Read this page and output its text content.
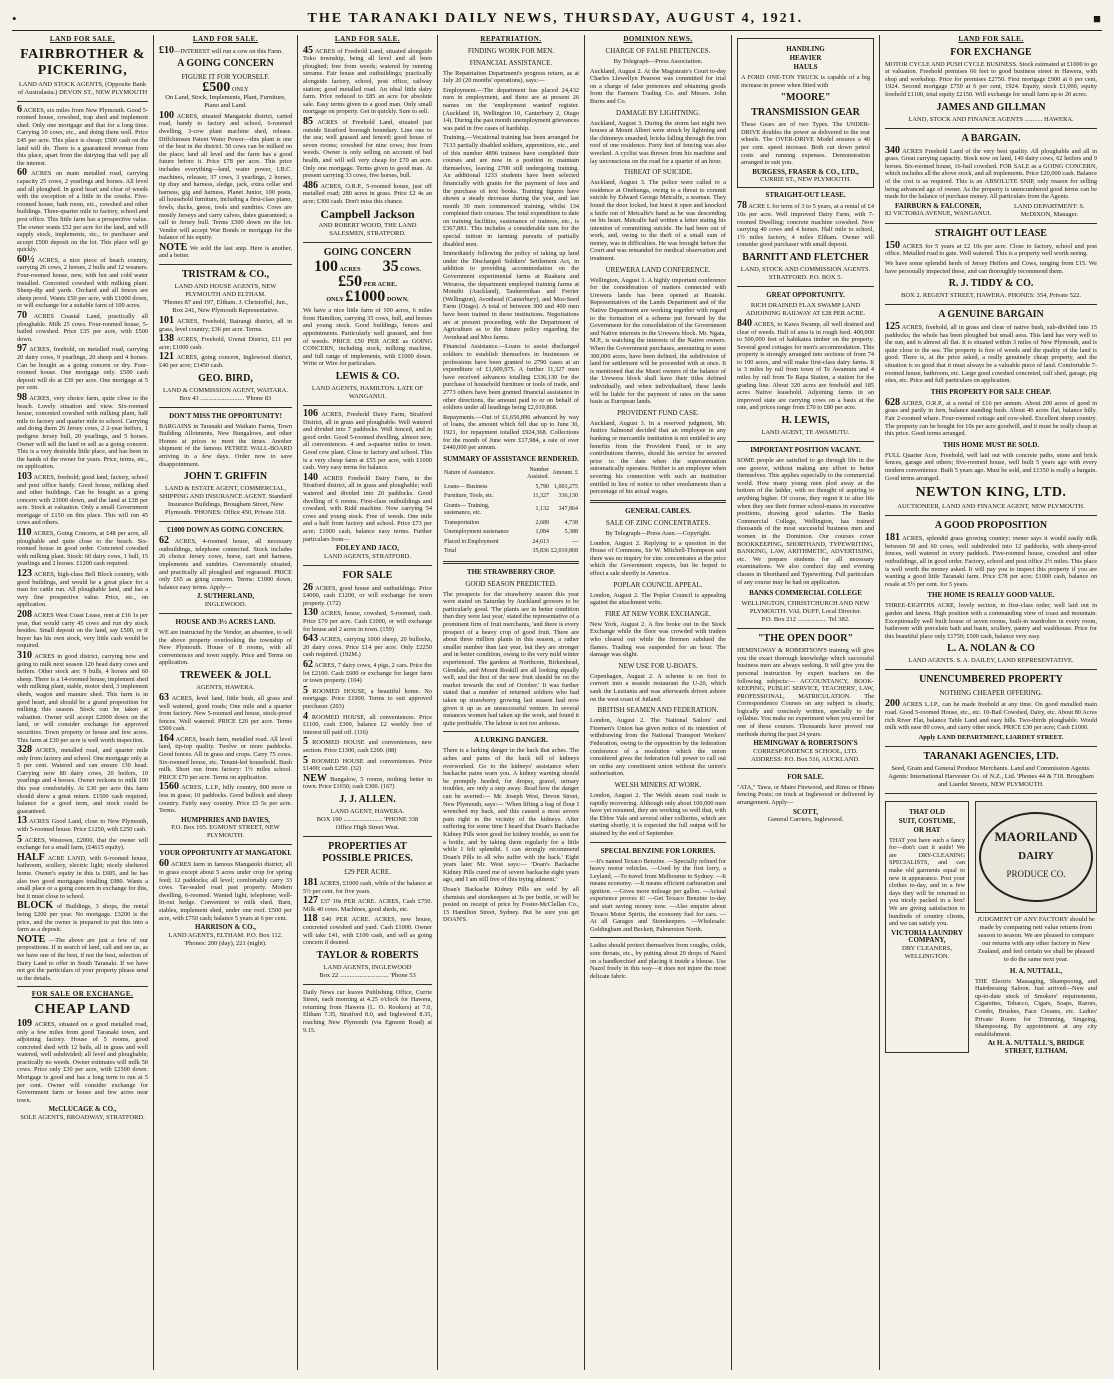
•	THE TARANAKI DAILY NEWS, THURSDAY, AUGUST 4, 1921.	■
LAND FOR SALE.
FAIRBROTHER & PICKERING,
LAND AND STOCK AGENTS, (Opposite Bank of Australasia.) DEVON ST., NEW PLYMOUTH
6 ACRES, six miles from New Plymouth. Good 5-roomed house, cowshed, trap shed and implement shed. Only one mortgage and that for a long time. Carrying 10 cows, etc., and doing them well. Price £45 per acre. This place is cheap; £500 cash on the land will do. There is a guaranteed revenue from this place, apart from the dairying that will pay all the interest.
60 ACRES on main metalled road, carrying capacity 25 cows, 2 yearlings and horses. All level and all ploughed. In good heart and clear of weeds with the exception of a little in the creeks. Five-roomed house, bath room, etc., cowshed and other buildings. Three-quarter mile to factory, school and post office. This little farm has a prospective value. The owner wants £52 per acre for the land, and will supply stock, implements, etc., to purchaser and accept £500 deposit on the lot. This place will go quickly.
60½ ACRES, a nice piece of beach country, carrying 26 cows, 2 horses, 2 bulls and 12 weaners. Four-roomed house, new, with hot and cold water installed. Concreted cowshed with milking plant. Sheep-dip and yards. Orchard and all fences are sheep proof. Wants £50 per acre, with £1000 down, or will exchange for a suitable farm of 100 acres.
70 ACRES Coastal Land, practically all ploughable. Milk 25 cows. Four-roomed house, 5-bailed cowshed. Price £35 per acre, with £500 down.
97 ACRES, freehold, on metalled road, carrying 20 dairy cows, 9 yearlings, 20 sheep and 4 horses. Can be bought as a going concern or dry. Four-roomed house. One mortgage only. £500 cash deposit will do at £30 per acre. One mortgage at 5 per cent.
98 ACRES, very choice farm, quite close to the beach. Lovely situation and view. Six-roomed house, concreted cowshed with milking plant, half mile to factory and quarter mile to school. Carrying and doing them 26 Jersey cows, 2 2-year heifers, 1 pedigree Jersey bull, 20 yearlings, and 5 horses. Owner will sell the land or sell as a going concern. This is a very desirable little place, and has been in the hands of the owner for years. Price, terms, etc., on application.
103 ACRES, freehold; good land, factory, school and post office handy. Good house, milking shed and other buildings. Can be bought as a going concern with 21000 down, and the land at £38 per acre. Stock at valuation. Only a small Government mortgage of £150 on this place. This will run 45 cows and others.
110 ACRES, Going Concern, at £48 per acre, all ploughable and quite close to the beach. Six-roomed house in good order. Concreted cowshed with milking plant. Stock: 60 dairy cows, 1 bull, 15 yearlings and 2 horses. £1200 cash required.
123 ACRES, high-class Bell Block country, with good buildings, and would be a great place for a man for cattle run. All ploughable land, and has a very fine prospective value. Price, etc., on application.
208 ACRES West Coast Lease, rent at £16 1s per year, that would carry 45 cows and run dry stock besides. Small deposit on the land, say £500, or if buyer has his own stock, very little cash would be required.
310 ACRES in good district, carrying now and going to milk next season 120 head dairy cows and heifers. Other stock are: 9 bulls, 4 horses and 60 sheep. There is a 14-roomed house, implement shed with milking plant, stable, motor shed, 3 implement sheds, wagon and manure shed. This farm is in good heart, and should be a grand proposition for milking this season. Stock can be taken at valuation. Owner will accept £2000 down on the land, or will consider exchange for approved securities. Town property or house and few acres. This farm at £30 per acre is well worth inspection.
328 ACRES, metalled road, and quarter mile only from factory and school. One mortgage only at 5 per cent. Watered and can ensure 130 head. Carrying now 80 dairy cows, 20 heifers, 10 yearlings and 4 horses. Owner reckons to milk 100 this year comfortably. At £30 per acre this farm should show a great return. £1500 cash required, balance for a good term, and stock could be guaranteed.
13 ACRES Good Land, close to New Plymouth, with 5-roomed house. Price £1250, with £250 cash.
5 ACRES, Westown, £2000, that the owner will exchange for a small farm, (£4615 equity).
HALF ACRE LAND, with 6-roomed house, bathroom, scullery, electric light; nicely sheltered home. Owner's equity in this is £685, and he has also two good mortgages totalling £980. Wants a small place or a going concern in exchange for this, but it must close to school.
BLOCK of Buildings, 3 shops, the rental being £200 per year. No mortgage. £3200 is the price, and the owner is prepared to put this into a farm as a deposit.
NOTE —The above are just a few of our propositions. If in search of land, call and see us, as we have one of the best, if not the best, selection of Dairy Land to offer in South Taranaki. If we have not got the particulars of your property please send us the details.
FOR SALE OR EXCHANGE.
CHEAP LAND
109 ACRES, situated on a good metalled road, only a few miles from good Taranaki town, and adjoining factory. House of 5 rooms, good concreted shed with 12 bails, all in grass and well watered, well subdivided; all level and ploughable; practically no weeds. Owner estimates will milk 50 cows. Price only £30 per acre, with £2500 down. Mortgage is good and has a long term to run at 5 per cent. Owner will consider exchange for Government farm or house and few acres near town.
McCLUCAGE & CO.,
SOLE AGENTS, BROADWAY, STRATFORD.
LAND FOR SALE.
£10—INTEREST will run a cow on this Farm.
A GOING CONCERN
FIGURE IT FOR YOURSELF.
£500 ONLY
On Land, Stock, Implements, Plant, Furniture, Piano and Land.
100 ACRES, situated Mangatoki district, carted road, handy to factory and school, 6-roomed dwelling, 3-cow plant machine shed, release. Diffchimsen Patent Water Power—this plant is one of the best in the district. 50 cows can be milked on the place; land all level and the farm has a good future before it. Price £78 per acre. This price includes everything—land, water power, I.B.C. machines, releaser, 37 cows, 3 yearlings, 2 horses, tip dray and harness, sledge, jack, extra cellar and harness, gig and harness, Planet Junior, 100 posts, all household furniture, including a first-class piano, fowls, ducks, geese, tools and sundries. Cows are mostly Jerseys and carry calves, dates guaranteed; a calf to Jersey bull. Terms £500 down on the lot. Vendor will accept War Bonds or mortgage for the balance of his equity.
NOTE We sold the last snip. Here is another, and a better.
TRISTRAM & CO.,
LAND AND HOUSE AGENTS, NEW PLYMOUTH AND ELTHAM.
'Phones 87 and 197, Eltham. J. Christoffel, Jun., Box 241, New Plymouth Representative.
101 ACRES, Freehold, Bairangi district, all in grass, level country; £36 per acre. Terms.
138 ACRES, Freehold, Urenui District, £11 per acre; £1000 cash.
121 ACRES, going concern, Inglewood district, £40 per acre; £1450 cash.
GEO. BIRD,
LAND & COMMISSION AGENT, WAITARA.
Box 43 ........................... 'Phone 83
DON'T MISS THE OPPORTUNITY!
BARGAINS in Taranaki and Waikato Farms, Town Building Allotments, New Bungalows, and other Homes at prices to meet the times. Another shipment of the famous PETREE WALL-BOARD arriving in a few days. Order now to save disappointment.
JOHN T. GRIFFIN
LAND & ESTATE AGENT, COMMERCIAL, SHIPPING AND INSURANCE AGENT. Standard Insurance Buildings, Brougham Street, New Plymouth. 'PHONES: Office 450, Private 318.
£1000 DOWN AS GOING CONCERN.
62 ACRES, 4-roomed house, all necessary outbuildings, telephone connected. Stock includes 26 choice Jersey cows, horse, cart and harness, implements and sundries. Conveniently situated, and practically all ploughed and regrassed. PRICE only £65 as going concern. Terms: £1000 down, balance easy terms. Apply—
J. SUTHERLAND,
INGLEWOOD.
HOUSE AND 3½ ACRES LAND.
WE are instructed by the Vendor, an absentee, to sell the above property overlooking the township of New Plymouth. House of 8 rooms, with all conveniences and town supply. Price and Terms on application.
TREWEEK & JOLL
AGENTS, HAWERA.
63 ACRES, level land, little bush, all grass and well watered, good roads; One mile and a quarter from factory. New 5-roomed and house, stock-proof fences. Well watered. PRICE £20 per acre. Terms £500 cash.
164 ACRES, beach farm, metalled road. All level land, tip-top quality. Twelve or more paddocks. Good fences. All in grass and crops. Carry 75 cows. Six-roomed house, etc. Tenant-led household. Bush milk. Short run from factory: 1½ miles school. PRICE £70 per acre. Terms on application.
1560 ACRES, L.I.P., hilly country, 900 more or less in grass; 10 paddocks. Good bullock and sheep country. Fairly easy country. Price £5 5s per acre. Terms.
HUMPHRIES AND DAVIES,
P.O. Box 105. EGMONT STREET, NEW PLYMOUTH.
YOUR OPPORTUNITY AT MANGATOKI.
60 ACRES farm in famous Mangatoki district; all in grass except about 5 acres under crop for spring feed; 12 paddocks; all level; comfortably carry 33 cows. Tar-sealed road past property. Modern dwelling, 6-roomed. Wanted light, telephone; well-lit-out hedge. Convenient to milk shed. Barn, stables, implement shed, under one roof. £500 per acre, with £750 cash; balance 5 years at 6 per cent.
HARRISON & CO.,
LAND AGENTS, ELTHAM. P.O. Box 112. 'Phones: 200 (day), 221 (night).
LAND FOR SALE.
45 ACRES of Freehold Land, situated alongside Toko township, being all level and all been ploughed; free from weeds; watered by running streams. Fair house and outbuildings; practically alongside factory, school, post office, railway station; good metalled road. An ideal little dairy farm. Price reduced to £85 an acre for absolute sale. Easy terms given to a good man. Only small mortgage on property. Get in quickly. Sure to sell.
85 ACRES of Freehold Land, situated just outside Stratford borough boundary. Line one to the sea; well grassed and fenced; good house of seven rooms; cowshed for nine cows; free from weeds. Owner is only selling on account of bad health, and will sell very cheap for £70 an acre. Only one mortgage. Terms given to good man. At present carrying 33 cows, five horses, bull.
486 ACRES, O.R.P., 5-roomed house, just off metalled road; 280 acres in grass. Price £2 4s an acre; £300 cash. Don't miss this chance.
Campbell Jackson
AND ROBERT WOOD, THE LAND SALESMEN, STRATFORD.
GOING CONCERN
100 ACRES 35 COWS.
£50 PER ACRE.
ONLY £1000 DOWN.
We have a nice little farm of 100 acres, 6 miles from Hamilton, carrying 35 cows, bull, and horses and young stock. Good buildings, fences and appointments. Particularly well grassed, and free of weeds. PRICE £50 PER ACRE as GOING CONCERN, including stock, milking machine, and full range of implements, with £1000 down. Write or Wire for particulars.
LEWIS & CO.
LAND AGENTS, HAMILTON. LATE OF WANGANUI.
106 ACRES, Freehold Dairy Farm, Stratford District, all in grass and ploughable. Well watered and divided into 7 paddocks. Well fenced, and in good order. Good 5-roomed dwelling, almost new, all conveniences. 4 and a-quarter miles to town. Good cow plant. Close to factory and school. This is a very cheap farm at £55 per acre, with £1000 cash. Very easy terms for balance.
140 ACRES Freehold Dairy Farm, in the Stratford district, all in grass and ploughable; well watered and divided into 20 paddocks. Good dwelling of 6 rooms. First-class outbuildings and cowshed, with Ridd machine. Now carrying 54 cows and young stock. Free of weeds. One mile and a half from factory and school. Price £73 per acre; £1000 cash, balance easy terms. Further particulars from—
FOLEY AND JACO,
LAND AGENTS, STRATFORD.
FOR SALE
26 ACRES, good house and outbuildings. Price £4000, cash £1200, or will exchange for town property. (172)
130 ACRES, house, cowshed, 5-roomed, cash. Price £70 per acre. Cash £1000, or will exchange for house and 2 acres in town. (159)
643 ACRES, carrying 1000 sheep, 20 bullocks, 20 dairy cows. Price £14 per acre. Only £2250 cash required. (192M.)
62 ACRES, 7 dairy cows, 4 pigs, 2 cars. Price the lot £2100. Cash £600 or exchange for larger farm or town property. (104)
5 ROOMED HOUSE, a beautiful home. No mortgage. Price £1900. Terms to suit approved purchaser. (203)
4 ROOMED HOUSE, all conveniences. Price £1100, cash £300, balance £2 weekly free of interest till paid off. (116)
5 ROOMED HOUSE and conveniences, new section. Price £1300, cash £200. (88)
5 ROOMED HOUSE and conveniences. Price £1400; cash £250. (32)
NEW Bungalow, 5 rooms, nothing better in town. Price £1650; cash £300. (167)
J. J. ALLEN.
LAND AGENT, HAWERA.
BOX 190 ........................ 'PHONE 338
Office High Street West.
PROPERTIES AT POSSIBLE PRICES.
£29 PER ACRE.
181 ACRES, £1000 cash, while of the balance at 5½ per cent. for five years.
127 £37 10s PER ACRE. ACRES, Cash £750. Milk 40 cows. Machines, good sheds, etc.
118 £40 PER ACRE. ACRES, new house, concreted cowshed and yard. Cash £1000. Owner will take £41, with £100 cash, and sell as going concern if desired.
TAYLOR & ROBERTS
LAND AGENTS, INGLEWOOD
Box 22 .............................. 'Phone 53
Daily News car leaves Publishing Office, Currie Street, each morning at 4.25 o'clock for Hawera, returning from Hawera (L. O. Rookers) at 7.0, Eltham 7.35, Stratford 8.0, and Inglewood 8.35, reaching New Plymouth (via Egmont Road) at 9.15.
REPATRIATION.
FINDING WORK FOR MEN.
FINANCIAL ASSISTANCE.

The Repatriation Department's progress return, as at July 20 (20 months' operations), says:—

Employment.—The department has placed 24,432 men in employment, and there are at present 26 names on the 'employment wanted' register. (Auckland 16, Wellington 10, Canterbury 2, Otago 14). During the past month unemployment grievances was paid in five cases of hardship.

Training.—Vocational training has been arranged for 7133 partially disabled soldiers, apprentices, etc., and of this number 4896 trainees have completed their courses and are now in a position to maintain themselves, leaving 2700 still undergoing training. An additional 1233 students have been selected financially with grants for the payment of fees and the purchase of text books. Training figures have shown a steady decrease during the year, and last month 30 men commenced training, whilst 134 completed their courses. The total expenditure to date on training facilities, sustenance of trainees, etc., is £367,881. This includes a considerable sum for the special tuition in farming pursuits of partially disabled men.

Immediately following the policy of taking up land under the Discharged Soldiers' Settlement Act, in addition to providing accommodation on the Government experimental farms at Ruakura and Weraroa, the department employed training farms at Motuihi (Auckland), Tauherenikau and Ferrier (Wellington), Avonhead (Canterbury), and Mos-Seed Farm (Otago). A total of between 300 and 400 men have been trained in these institutions. Negotiations are at present proceeding with the Department of Agriculture as to the future policy regarding the Avonhead and Mos farms.

Financial Assistance.—Loans to assist discharged soldiers to establish themselves in businesses or professions have been granted to 2790 cases at an expenditure of £1,609,975. A further 11,327 men have received advances totalling £336,130 for the purchase of household furniture or tools of trade, and 2773 others have been granted financial assistance in other directions, the amount paid to or on behalf of soldiers under all headings being £2,019,868.

Repayments.—Out of £1,656,896 advanced by way of loans, the amount which fell due up to June 30, 1921, for repayment totalled £924,368. Collections for the month of June were £17,984, a rate of over £440,000 per annum.

SUMMARY OF ASSISTANCE RENDERED.
Nature of Assistance.	Number Assisted.	Amount. £
Loans— Business	5,790	1,003,275
Furniture, Tools, etc.	11,327	336,130
Grants— Training, sustenance, etc.	1,132	347,864
Transportation	2,689	4,738
Unemployment sustenance	1,084	5,388
Placed in Employment	24,613	—
Total	35,836	£2,019,868
THE STRAWBERRY CROP.
GOOD SEASON PREDICTED.

The prospects for the strawberry season this year were stated on Saturday by Auckland growers to be particularly good. 'The plants are in better condition than they were last year,' stated the representative of a prominent firm of fruit merchants, 'and there is every prospect of a heavy crop of good fruit. There are about three million plants in this season, a rather smaller number than last year, but they are stronger and in better condition, owing to the very mild winter experienced. The gardens at Northcote, Birkenhead, Glendale, and Mount Roskill are all looking equally well, and the first of the new fruit should be on the market towards the end of October.' It was further stated that a number of returned soldiers who had taken up strawberry growing last season had now given it up as an unsuccessful venture. In several instances women had taken up the work, and found it quite profitable. The labour is not too arduous.

A LURKING DANGER.

There is a lurking danger in the back that aches. The aches and pains of the back tell of kidneys overworked. Go to the kidneys' assistance when backache pains warn you. A kidney warning should be promptly heeded, for dropsy, gravel, urinary troubles, are only a step away. Read how the danger can be averted:— Mr. Joseph West, Devon Street, New Plymouth, says:— 'When lifting a bag of flour I wrenched my back, and this caused a most severe pain right in the vicinity of the kidneys. After suffering for some time I heard that Doan's Backache Kidney Pills were good for kidney trouble, so sent for a bottle, and by taking them regularly for a little while I felt splendid. I can strongly recommend Doan's Pills to all who suffer with the back.' Eight years later Mr. West says:— 'Doan's Backache Kidney Pills cured me of severe backache eight years ago, and I am still free of this trying ailment.'

Doan's Backache Kidney Pills are sold by all chemists and storekeepers at 3s per bottle, or will be posted on receipt of price by Foster-McClellan Co., 15 Hamilton Street, Sydney. But be sure you get DOAN'S.

DOMINION NEWS.
CHARGE OF FALSE PRETENCES.
By Telegraph—Press Association.

Auckland, August 2. At the Magistrate's Court to-day Charles Llewellyn Pearson was committed for trial on a charge of false pretences and obtaining goods from the Farmers Trading Co. and Messrs. John Burns and Co.

DAMAGE BY LIGHTNING.

Auckland, August 3. During the storm last night two houses at Mount Albert were struck by lightning and the chimneys smashed, bricks falling through the iron roof of one residence. Forty feet of fencing was also wrecked. A cyclist was thrown from his machine and lay unconscious on the road for a quarter of an hour.

THREAT OF SUICIDE.

Auckland, August 3. The police were called to a residence at Onehunga, owing to a threat to commit suicide by Edward George Metcalfe, a seaman. They found the door locked, but burst it open and knocked a knife out of Metcalfe's hand as he was descending on his heart. Metcalfe had written a letter stating his intention of committing suicide. He had been out of work, and, owing to the theft of a small sum of money, was in difficulties. He was brought before the Court and was remanded for medical observation and treatment.

UREWERA LAND CONFERENCE.

Wellington, August 3. A highly important conference for the consideration of matters connected with Urewera lands has been opened at Ruatoki. Representatives of the Lands Department and of the Native Department are working together with regard to the formation of a scheme put forward by the Government for the consolidation of the Government and Native interests in the Urewera block. Mr. Ngata, M.P., is watching the interests of the Native owners. When the Government purchases, amounting to some 300,000 acres, have been defined, the subdivision of land for settlement will be proceeded with at once. It is mentioned that the Maori owners of the balance of the Urewera block shall have their titles defined individually, and when individualised, these lands will be liable for the payment of rates on the same basis as European lands.

PROVIDENT FUND CASE.

Auckland, August 3. In a reserved judgment, Mr. Justice Salmond decided that an employee in any banking or mercantile institution is not entitled to any benefits from the Provident Fund, or to any contributions thereto, should his service be severed prior to the date when the superannuation automatically operates. Neither is an employee when severing his connection with such an institution entitled in lieu of notice to other emoluments than a percentage of his actual wages.

GENERAL CABLES.
SALE OF ZINC CONCENTRATES.
By Telegraph—Press Assn.—Copyright.

London, August 2. Replying to a question in the House of Commons, Sir W. Mitchell-Thompson said there was no inquiry for zinc concentrates at the price which the Government expects, but he hoped to effect a sale shortly in America.

POPLAR COUNCIL APPEAL.

London, August 2. The Poplar Council is appealing against the attachment writs.

FIRE AT NEW YORK EXCHANGE.

New York, August 2. A fire broke out in the Stock Exchange while the floor was crowded with traders who cleared out while the firemen subdued the flames. Trading was suspended for an hour. The damage was slight.

NEW USE FOR U-BOATS.

Copenhagen, August 2. A scheme is on foot to convert into a seaside restaurant the U-20, which sank the Lusitania and was afterwards driven ashore on the west coast of Jutland.

BRITISH SEAMEN AND FEDERATION.

London, August 2. The National Sailors' and Firemen's Union has given notice of its intention of withdrawing from the National Transport Workers' Federation, owing to the opposition by the federation conference of a resolution which the union considered gives the federation full power to call out on strike any constituent union without the union's authorisation.

WELSH MINERS AT WORK.

London, August 2. The Welsh steam coal trade is rapidly recovering. Although only about 100,000 men have yet resumed, they are working so well that, with the Ebbw Vale and several other collieries, which are starting shortly, it is expected the full output will be attained by the end of September.

SPECIAL BENZINE FOR LORRIES.

—It's named Texaco Benzine. —Specially refined for heavy motor vehicles. —Used by the first lorry, a Leyland, —To travel from Melbourne to Sydney. —It means economy. —It means efficient carburation and ignition. —Gives more mileage per gallon. —Actual experience proves it! —Get Texaco Benzine to-day and start saving money now. —Also enquire about Texaco Motor Spirits, the economy fuel for cars. —At all Garages and Storekeepers. —Wholesale: Goldingham and Beckett, Palmerston North.

Ladies should protect themselves from coughs, colds, sore throats, etc., by putting about 20 drops of Nazol on a handkerchief and placing it inside a blouse. Use Nazol freely in this way—it does not injure the most delicate fabric.

HANDLING
HEAVIER
HAULS
A FORD ONE-TON TRUCK is capable of a big increase in power when fitted with
"MOORE"
TRANSMISSION GEAR
These Gears are of two Types. The UNDER-DRIVE doubles the power as delivered to the rear wheels. The OVER-DRIVE Model ensures a 40 per cent. speed increase. Both cut down petrol costs and running expenses. Demonstration arranged to suit you.
BURGESS, FRASER & CO., LTD.,
CURRIE ST., NEW PLYMOUTH.
STRAIGHT-OUT LEASE.
78 ACRE L for term of 3 to 5 years, at a rental of £4 10s per acre. Well improved Dairy Farm, with 7-roomed Dwelling; concrete machine cowshed. Now carrying 40 cows and 4 horses. Half mile to school, 1½ miles factory, 4 miles Eltham. Owner will consider good purchaser with small deposit.
BARNITT AND FLETCHER
LAND, STOCK AND COMMISSION AGENTS. STRATFORD. P.O. BOX 5.
GREAT OPPORTUNITY.
RICH DRAINED FLAX SWAMP LAND ADJOINING RAILWAY AT £28 PER ACRE.
840 ACRES, to Kawa Swamp, all well drained and clear of weeds. Half of area is in rough feed. 400,000 to 500,000 feet of kahikatea timber on the property. Several good cottages for men's accommodation. This property is strongly arranged into sections of from 74 to 100 acres, and will make first-class dairy farms. It is 3 miles by rail from town of Te Awamutu and 4 miles by rail from Te Rapa Station, a station for the grading line. About 320 acres are freehold and 185 acres Native leasehold. Adjoining farms in an improved state are carrying cows on a basis at the rate, and prices range from £70 to £80 per acre.
H. LEWIS,
LAND AGENT, TE AWAMUTU.
IMPORTANT POSITION VACANT.
SOME people are satisfied to go through life in the one groove, without making any effort to better themselves. This applies especially to the commercial world. How many young men plod away at the bottom of the ladder, with no thought of aspiring to anything higher. Of course, they regret it in after life when they see their former school-mates in executive positions, drawing good salaries. The Banks Commercial College, Wellington, has trained thousands of the most successful business men and women in the Dominion. Our courses cover BOOKKEEPING, SHORTHAND, TYPEWRITING, BANKING, LAW, ARITHMETIC, ADVERTISING, etc. We prepare students for all necessary examinations. We also conduct day and evening classes in Shorthand and Typewriting. Full particulars of any course may be had on application.
BANKS COMMERCIAL COLLEGE
WELLINGTON, CHRISTCHURCH AND NEW PLYMOUTH. VAL DUFF, Local Director.
P.O. Box 212 .................. Tel 382.
"THE OPEN DOOR"
HEMINGWAY & ROBERTSON'S training will give you the exact thorough knowledge which successful business men are always seeking. It will give you the personal instruction by expert teachers on the following subjects:— ACCOUNTANCY, BOOK-KEEPING, PUBLIC SERVICE, TEACHERS', LAW, PROFESSIONAL, MATRICULATION. The Correspondence Courses on any subject is clearly, logically and concisely written, specially to the syllabus. You make no experiment when you enrol for one of these courses. Thousands have proved our methods during the past 24 years.
HEMINGWAY & ROBERTSON'S
CORRESPONDENCE SCHOOL, LTD. ADDRESS: P.O. Box 516, AUCKLAND.
FOR SALE.
"ATA," Tawa, or Maire Firewood, and Rimu or Hinau fencing Posts; on truck at Inglewood or delivered by arrangement. Apply—
SCOTT,
General Carriers, Inglewood.
LAND FOR SALE.
FOR EXCHANGE
MOTOR CYCLE AND PUSH CYCLE BUSINESS. Stock estimated at £1000 to go at valuation. Freehold premises 66 feet to good business street in Hawera, with shop and workshop. Price for premises £2750. First mortgage £900 at 6 per cent, 1924. Second mortgage £750 at 6 per cent, 1924. Equity, stock £1,000, equity freehold £1100, total equity £2150. Will exchange for small farm up to 20 acres.
JAMES AND GILLMAN
LAND, STOCK AND FINANCE AGENTS ........... HAWERA.
A BARGAIN.
340 ACRES Freehold Land of the very best quality. All ploughable and all in grass. Great carrying capacity. Stock now on land, 140 dairy cows, 62 heifers and 9 horses. Six-roomed house, 16-bail cowshed. FOR SALE as a GOING CONCERN, which includes all the above stock, and all implements. Price £20,000 cash. Balance of the cost is as required. This is an ABSOLUTE SNIP, only reason for selling being advanced age of owner. As the property is unencumbered good terms can be made for the balance of purchase money. All particulars from the Agents.
FAIRBURN & FALCONER,
82 VICTORIA AVENUE, WANGANUI.
LAND DEPARTMENT: S. McDIXON, Manager.
STRAIGHT OUT LEASE
150 ACRES for 5 years at £2 10s per acre. Close to factory, school and post office. Metalled road to gate. Well watered. This is a property well worth seeing.
We have some splendid herds of Jersey Heifers and Cows, ranging from £15. We have personally inspected these, and can thoroughly recommend them.
R. J. TIDDY & CO.
BOX 2. REGENT STREET, HAWERA. PHONES: 354, Private 522.
A GENUINE BARGAIN
125 ACRES, freehold, all in grass and clear of native bush, sub-divided into 15 paddocks; the whole has been ploughed but small area. This land has very well to the sun, and is almost all flat. It is situated within 3 miles of New Plymouth, and is quite close to the sea. The property is free of weeds and the quality of the land is good. There is, at the price asked, a really genuinely cheap property, and the situation is so good that it must always be a valuable piece of land. Comfortable 7-roomed house, bathroom, etc. Large good cowshed concreted, calf shed, garage, pig sties, etc. Price and full particulars on application.
THIS PROPERTY FOR SALE CHEAP.
628 ACRES, O.R.P., at a rental of £16 per annum. About 200 acres of good in grass and partly in fern, balance standing bush. About 40 acres flat, balance hilly. Fair 2-roomed whare. Four-roomed cottage and cow-shed. Excellent sheep country. The property can be bought for 10s per acre goodwill, and it must be really cheap at this price. Good terms arranged.
THIS HOME MUST BE SOLD.
FULL Quarter Acre, Freehold, well laid out with concrete paths, stone and brick fences, garage and others; five-roomed house, well built 5 years ago with every modern convenience. Built 5 years ago. Must be sold, and £1350 is really a bargain. Good terms arranged.
NEWTON KING, LTD.
AUCTIONEER, LAND AND FINANCE AGENT, NEW PLYMOUTH.
A GOOD PROPOSITION
181 ACRES, splendid grass growing country; owner says it would easily milk between 50 and 60 cows, well subdivided into 12 paddocks, with sheep-proof fences, well watered in every paddock. Five-roomed house, cowshed and other outbuildings, all in good order. Factory, school and post office 2½ miles. This place is well worth the money asked. It will pay you to inspect this property if you are wanting a good little Taranaki farm. Price £78 per acre; £1000 cash, balance on resale at 5½ per cent. for 5 years.
THE HOME IS REALLY GOOD VALUE.
THREE-EIGHTHS ACRE, lovely section, in first-class order, well laid out in garden and lawns. High position with a commanding view of coast and mountain. Exceptionally well built house of seven rooms, built-in wardrobes in every room, bathroom with porcelain bath and basin, scullery, pantry and washhouse. Price for this beautiful place only £1750; £500 cash, balance very easy.
L. A. NOLAN & CO
LAND AGENTS. S. A. DAILEY, LAND REPRESENTATIVE.
UNENCUMBERED PROPERTY
NOTHING CHEAPER OFFERING.
200 ACRES L.I.P., can be made freehold at any time. On good metalled main road. Good 5-roomed House, etc., etc. 10-Bail Cowshed, Dairy, etc. About 80 Acres rich River Flat, balance Table Land and easy hills. Two-thirds ploughable. Would milk with ease 80 cows, and carry other stock. PRICE £30 per acre; Cash £1000.
Apply LAND DEPARTMENT, LIARDET STREET.
TARANAKI AGENCIES, LTD.
Seed, Grain and General Produce Merchants. Land and Commission Agents. Agents: International Harvester Co. of N.Z., Ltd. 'Phones 44 & 718. Brougham and Liardet Streets, NEW PLYMOUTH.
THAT OLD
SUIT, COSTUME,
OR HAT
THAT you have such a fancy for—don't cast it aside! We are DRY-CLEANING SPECIALISTS, and can make old garments equal to new in appearance. Post your clothes to-day, and in a few days they will be returned to you nicely packed in a box! We are giving satisfaction to hundreds of country clients, and we can satisfy you.
VICTORIA LAUNDRY COMPANY,
DRY CLEANERS, WELLINGTON.
MAORILAND
DAIRY
PRODUCE CO.
JUDGMENT OF ANY FACTORY should be made by comparing nett value returns from season to season. We are pleased to compare our returns with any other factory in New Zealand, and feel certain we shall be pleased to do the same next year.
H. A. NUTTALL,
THE Electric Massaging, Shampooing, and Hairdressing Saloon. Just arrived—New and up-to-date stock of Smokers' requirements, Cigarettes, Tobacco, Cigars, Soaps, Razors, Combs, Brushes, Face Creams, etc. Ladies' Private Room for Trimming, Singeing, Shampooing. By appointment at any city establishment.
At H. A. NUTTALL'S, BRIDGE STREET, ELTHAM.
